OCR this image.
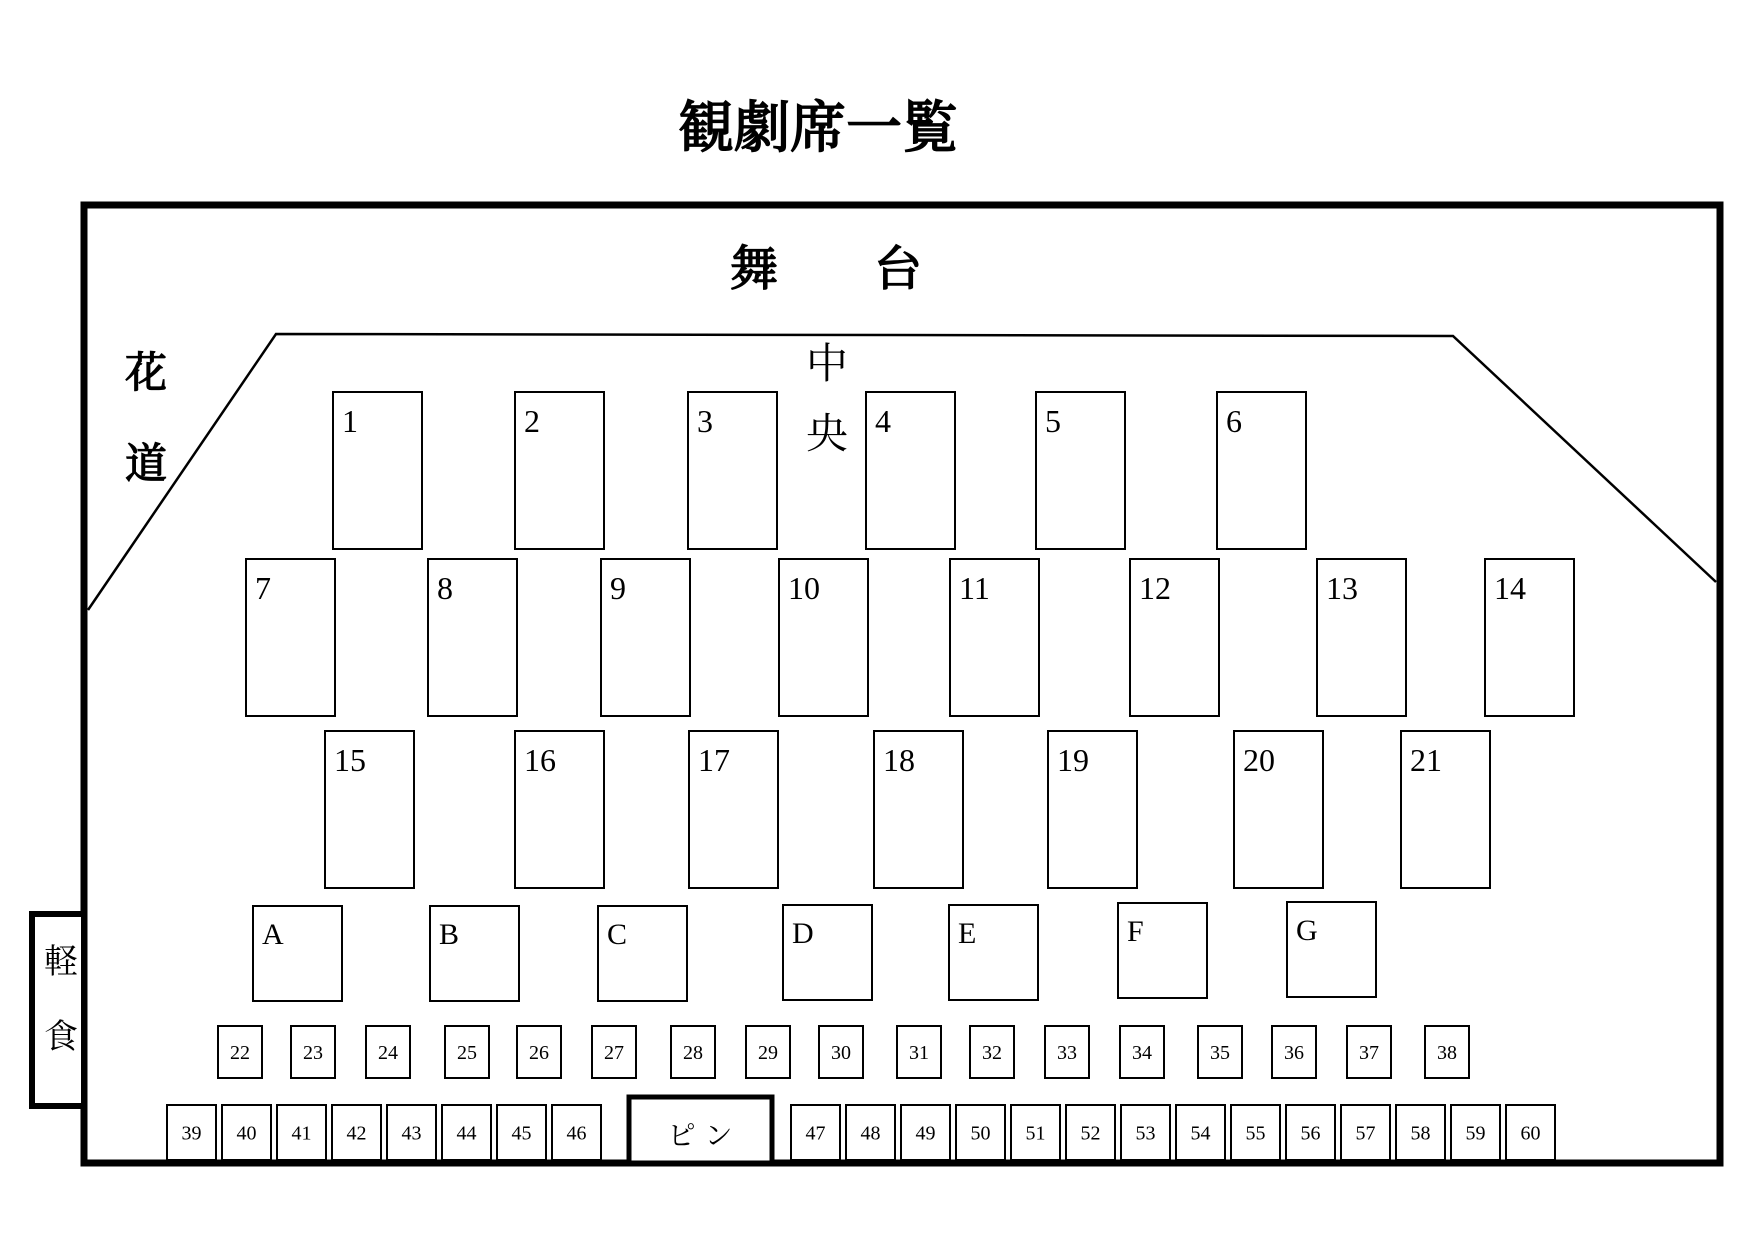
観劇席一覧
舞　　台
花
道
中
央
軽
食
ピ ン
1	2	3	4	5	6
7	8	9	10	11	12	13	14
15	16	17	18	19	20	21
A	B	C	D	E	F	G
22	23	24	25	26	27	28	29	30	31	32	33	34	35	36	37	38
39 40 41 42 43 44 45 46	47 48 49 50 51 52 53 54 55 56 57 58 59 60
